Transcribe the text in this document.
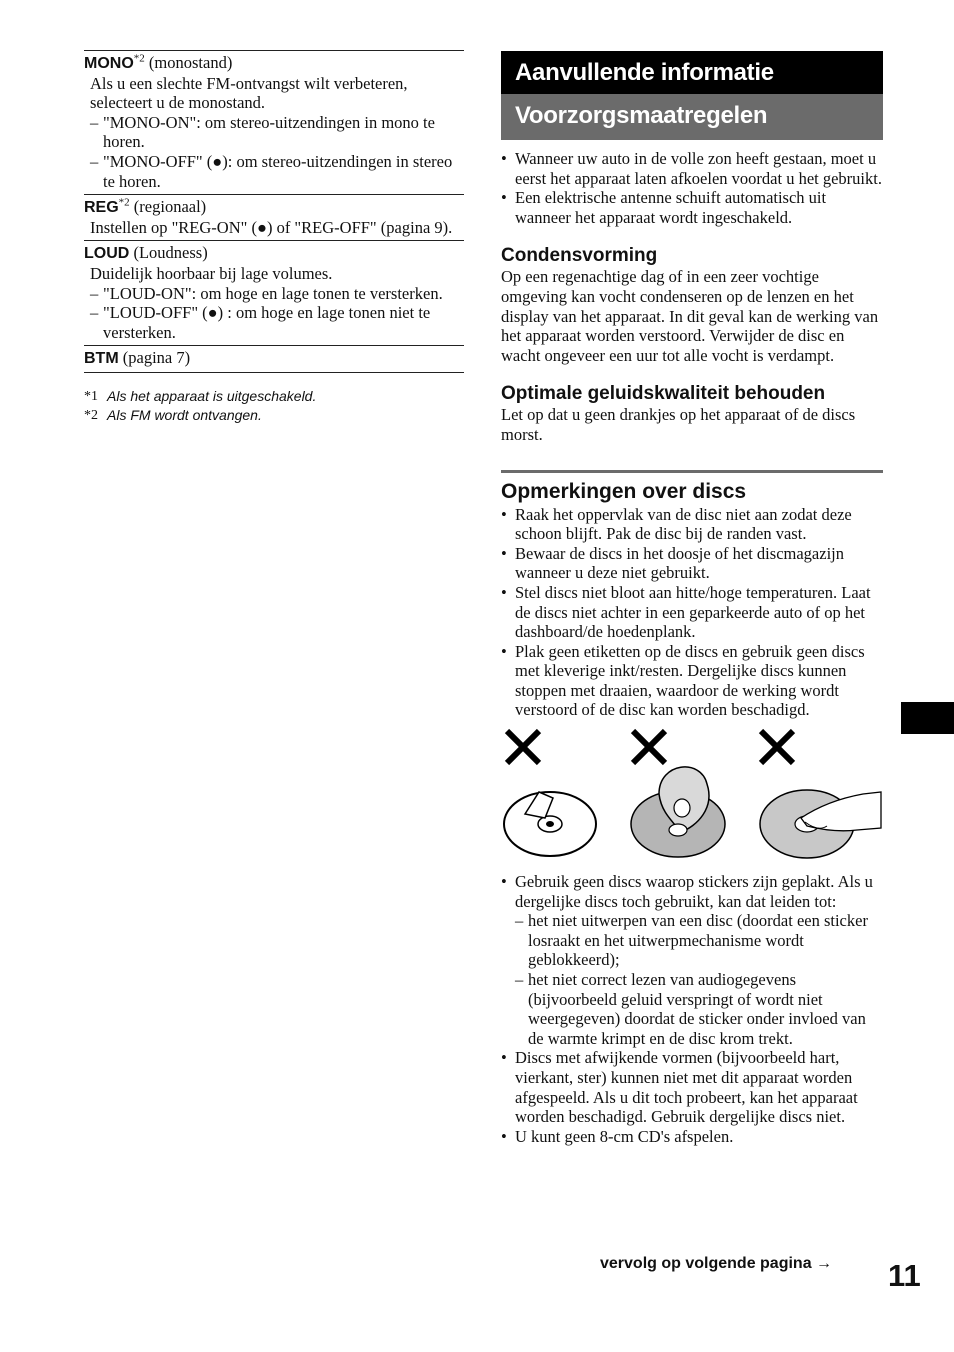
MONO$^{*2}$ (monostand)
Als u een slechte FM-ontvangst wilt verbeteren, selecteert u de monostand.
– "MONO-ON": om stereo-uitzendingen in mono te horen.
– "MONO-OFF" (●): om stereo-uitzendingen in stereo te horen.
REG$^{*2}$ (regionaal)
Instellen op "REG-ON" (●) of "REG-OFF" (pagina 9).
LOUD (Loudness)
Duidelijk hoorbaar bij lage volumes.
– "LOUD-ON": om hoge en lage tonen te versterken.
– "LOUD-OFF" (●) : om hoge en lage tonen niet te versterken.
BTM (pagina 7)
*1 Als het apparaat is uitgeschakeld.
*2 Als FM wordt ontvangen.
Aanvullende informatie
Voorzorgsmaatregelen
• Wanneer uw auto in de volle zon heeft gestaan, moet u eerst het apparaat laten afkoelen voordat u het gebruikt.
• Een elektrische antenne schuift automatisch uit wanneer het apparaat wordt ingeschakeld.
Condensvorming
Op een regenachtige dag of in een zeer vochtige omgeving kan vocht condenseren op de lenzen en het display van het apparaat. In dit geval kan de werking van het apparaat worden verstoord. Verwijder de disc en wacht ongeveer een uur tot alle vocht is verdampt.
Optimale geluidskwaliteit behouden
Let op dat u geen drankjes op het apparaat of de discs morst.
Opmerkingen over discs
• Raak het oppervlak van de disc niet aan zodat deze schoon blijft. Pak de disc bij de randen vast.
• Bewaar de discs in het doosje of het discmagazijn wanneer u deze niet gebruikt.
• Stel discs niet bloot aan hitte/hoge temperaturen. Laat de discs niet achter in een geparkeerde auto of op het dashboard/de hoedenplank.
• Plak geen etiketten op de discs en gebruik geen discs met kleverige inkt/resten. Dergelijke discs kunnen stoppen met draaien, waardoor de werking wordt verstoord of de disc kan worden beschadigd.
• Gebruik geen discs waarop stickers zijn geplakt. Als u dergelijke discs toch gebruikt, kan dat leiden tot:
– het niet uitwerpen van een disc (doordat een sticker losraakt en het uitwerpmechanisme wordt geblokkeerd);
– het niet correct lezen van audiogegevens (bijvoorbeeld geluid verspringt of wordt niet weergegeven) doordat de sticker onder invloed van de warmte krimpt en de disc krom trekt.
• Discs met afwijkende vormen (bijvoorbeeld hart, vierkant, ster) kunnen niet met dit apparaat worden afgespeeld. Als u dit toch probeert, kan het apparaat worden beschadigd. Gebruik dergelijke discs niet.
• U kunt geen 8-cm CD's afspelen.
vervolg op volgende pagina → 11
